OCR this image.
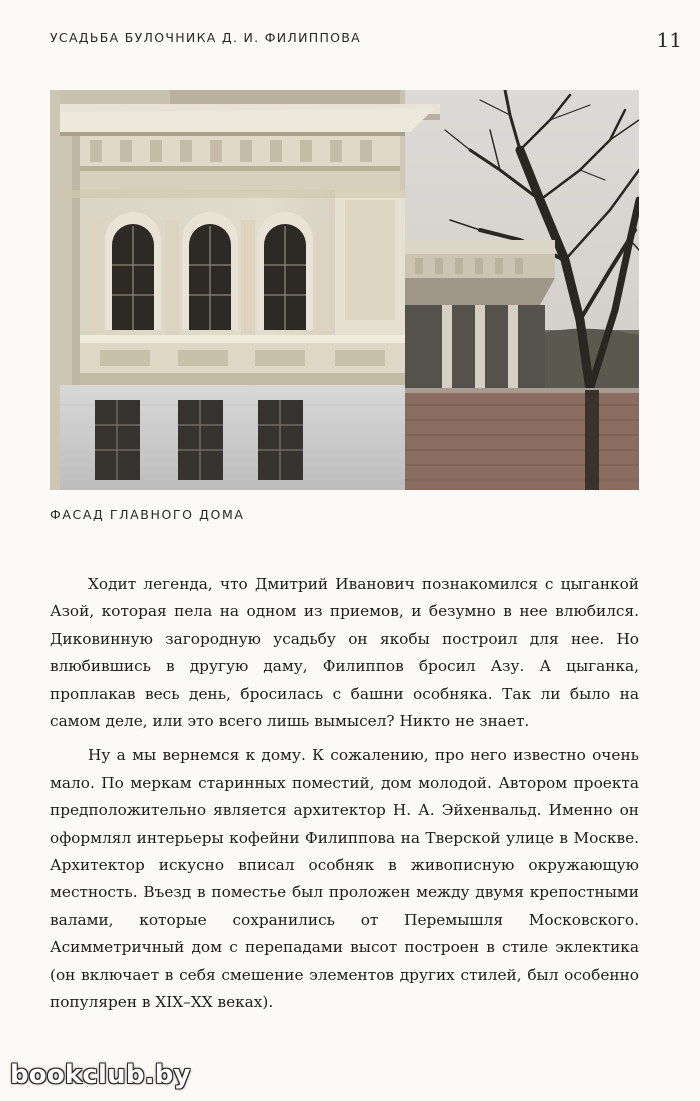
УСАДЬБА БУЛОЧНИКА Д. И. ФИЛИППОВА	11
ФАСАД ГЛАВНОГО ДОМА

Ходит легенда, что Дмитрий Иванович познакомился с цыганкой Азой, которая пела на одном из приемов, и безумно в нее влюбился. Диковинную загородную усадьбу он якобы построил для нее. Но влюбившись в другую даму, Филиппов бросил Азу. А цыганка, проплакав весь день, бросилась с башни особняка. Так ли было на самом деле, или это всего лишь вымысел? Никто не знает.

Ну а мы вернемся к дому. К сожалению, про него известно очень мало. По меркам старинных поместий, дом молодой. Автором проекта предположительно является архитектор Н. А. Эйхенвальд. Именно он оформлял интерьеры кофейни Филиппова на Тверской улице в Москве. Архитектор искусно вписал особняк в живописную окружающую местность. Въезд в поместье был проложен между двумя крепостными валами, которые сохранились от Перемышля Московского. Асимметричный дом с перепадами высот построен в стиле эклектика (он включает в себя смешение элементов других стилей, был особенно популярен в XIX–XX веках).

bookclub.by
